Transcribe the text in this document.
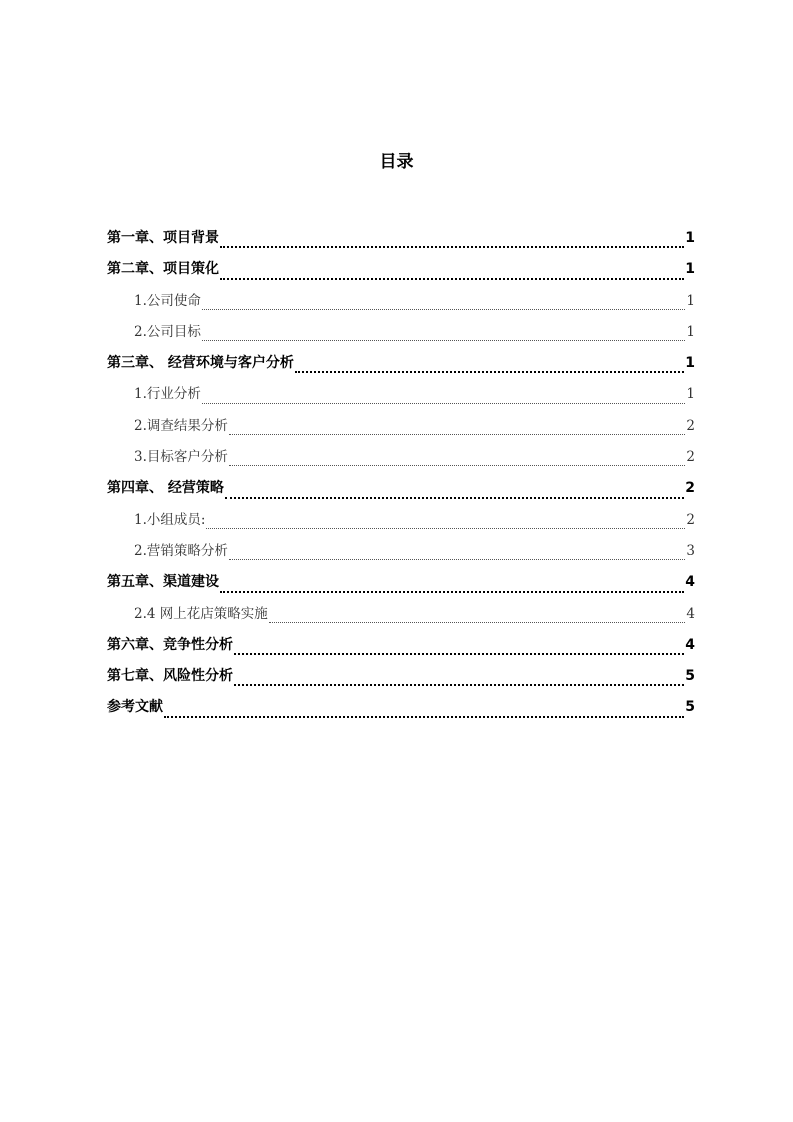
目录
第一章、项目背景	1
第二章、项目策化	1
1.公司使命	1
2.公司目标	1
第三章、 经营环境与客户分析	1
1.行业分析	1
2.调查结果分析	2
3.目标客户分析	2
第四章、 经营策略	2
1.小组成员:	2
2.营销策略分析	3
第五章、渠道建设	4
2.4 网上花店策略实施	4
第六章、竞争性分析	4
第七章、风险性分析	5
参考文献	5
